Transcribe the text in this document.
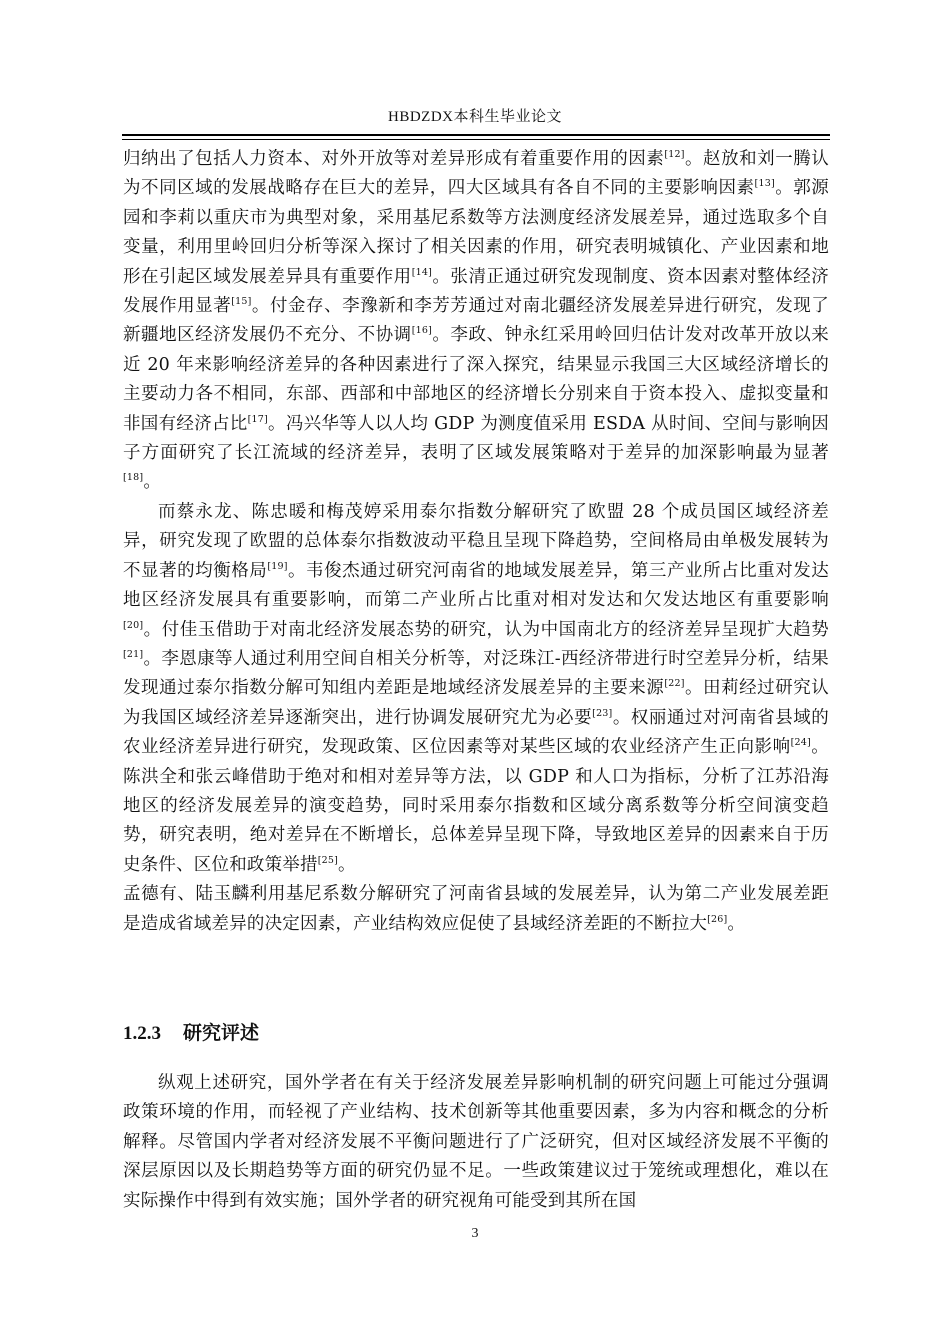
HBDZDX本科生毕业论文

归纳出了包括人力资本、对外开放等对差异形成有着重要作用的因素[12]。赵放和刘一腾认为不同区域的发展战略存在巨大的差异，四大区域具有各自不同的主要影响因素[13]。郭源园和李莉以重庆市为典型对象，采用基尼系数等方法测度经济发展差异，通过选取多个自变量，利用里岭回归分析等深入探讨了相关因素的作用，研究表明城镇化、产业因素和地形在引起区域发展差异具有重要作用[14]。张清正通过研究发现制度、资本因素对整体经济发展作用显著[15]。付金存、李豫新和李芳芳通过对南北疆经济发展差异进行研究，发现了新疆地区经济发展仍不充分、不协调[16]。李政、钟永红采用岭回归估计发对改革开放以来近 20 年来影响经济差异的各种因素进行了深入探究，结果显示我国三大区域经济增长的主要动力各不相同，东部、西部和中部地区的经济增长分别来自于资本投入、虚拟变量和非国有经济占比[17]。冯兴华等人以人均 GDP 为测度值采用 ESDA 从时间、空间与影响因子方面研究了长江流域的经济差异，表明了区域发展策略对于差异的加深影响最为显著[18]。

而蔡永龙、陈忠暖和梅茂婷采用泰尔指数分解研究了欧盟 28 个成员国区域经济差异，研究发现了欧盟的总体泰尔指数波动平稳且呈现下降趋势，空间格局由单极发展转为不显著的均衡格局[19]。韦俊杰通过研究河南省的地域发展差异，第三产业所占比重对发达地区经济发展具有重要影响，而第二产业所占比重对相对发达和欠发达地区有重要影响[20]。付佳玉借助于对南北经济发展态势的研究，认为中国南北方的经济差异呈现扩大趋势[21]。李恩康等人通过利用空间自相关分析等，对泛珠江-西经济带进行时空差异分析，结果发现通过泰尔指数分解可知组内差距是地域经济发展差异的主要来源[22]。田莉经过研究认为我国区域经济差异逐渐突出，进行协调发展研究尤为必要[23]。权丽通过对河南省县域的农业经济差异进行研究，发现政策、区位因素等对某些区域的农业经济产生正向影响[24]。陈洪全和张云峰借助于绝对和相对差异等方法，以 GDP 和人口为指标，分析了江苏沿海地区的经济发展差异的演变趋势，同时采用泰尔指数和区域分离系数等分析空间演变趋势，研究表明，绝对差异在不断增长，总体差异呈现下降，导致地区差异的因素来自于历史条件、区位和政策举措[25]。

孟德有、陆玉麟利用基尼系数分解研究了河南省县域的发展差异，认为第二产业发展差距是造成省域差异的决定因素，产业结构效应促使了县域经济差距的不断拉大[26]。

1.2.3 研究评述

纵观上述研究，国外学者在有关于经济发展差异影响机制的研究问题上可能过分强调政策环境的作用，而轻视了产业结构、技术创新等其他重要因素，多为内容和概念的分析解释。尽管国内学者对经济发展不平衡问题进行了广泛研究，但对区域经济发展不平衡的深层原因以及长期趋势等方面的研究仍显不足。一些政策建议过于笼统或理想化，难以在实际操作中得到有效实施；国外学者的研究视角可能受到其所在国

3
